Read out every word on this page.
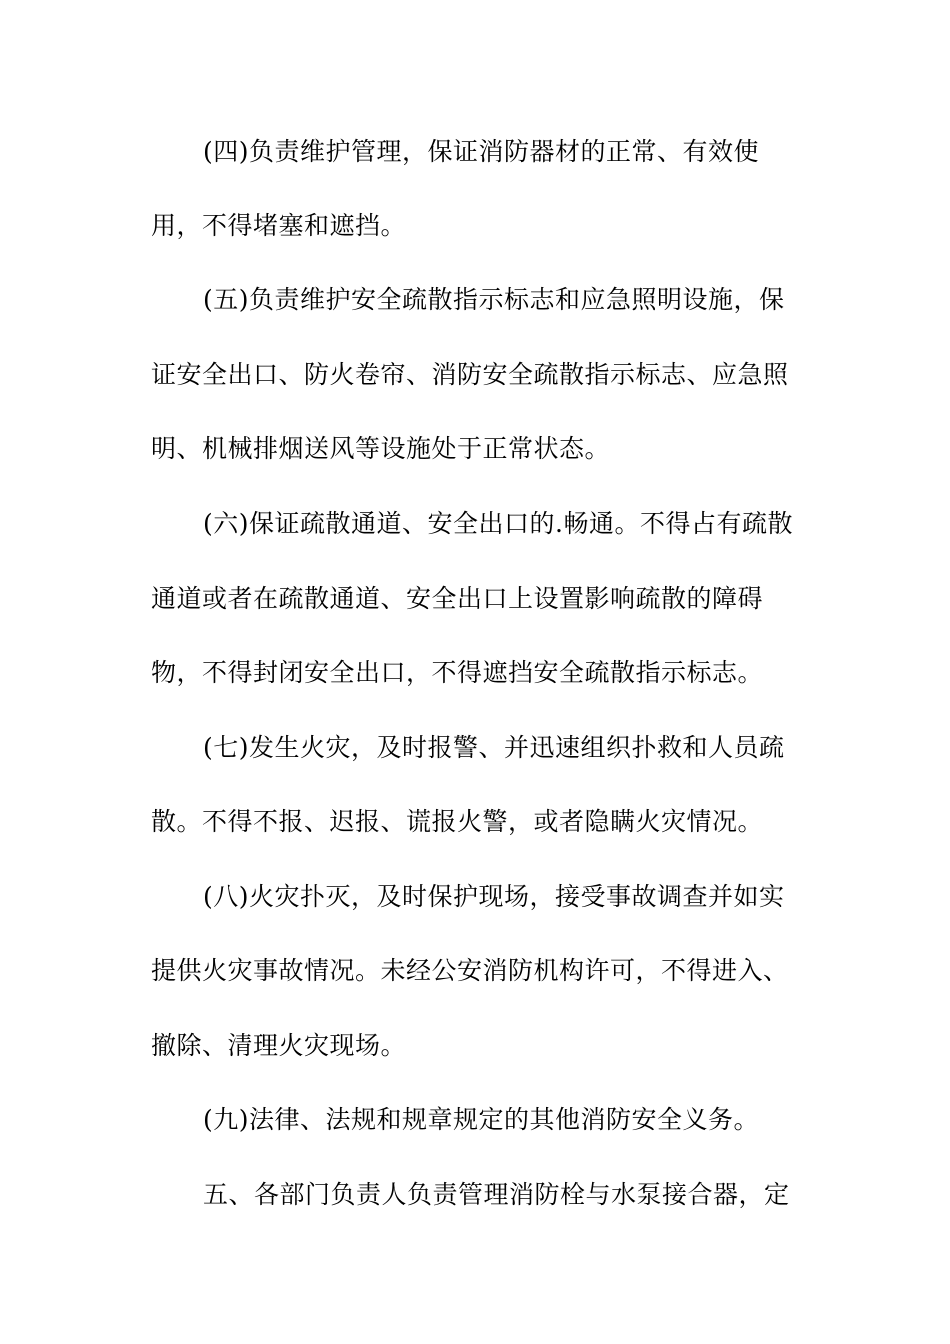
(四)负责维护管理，保证消防器材的正常、有效使
用，不得堵塞和遮挡。
(五)负责维护安全疏散指示标志和应急照明设施，保
证安全出口、防火卷帘、消防安全疏散指示标志、应急照
明、机械排烟送风等设施处于正常状态。
(六)保证疏散通道、安全出口的.畅通。不得占有疏散
通道或者在疏散通道、安全出口上设置影响疏散的障碍
物，不得封闭安全出口，不得遮挡安全疏散指示标志。
(七)发生火灾，及时报警、并迅速组织扑救和人员疏
散。不得不报、迟报、谎报火警，或者隐瞒火灾情况。
(八)火灾扑灭，及时保护现场，接受事故调查并如实
提供火灾事故情况。未经公安消防机构许可，不得进入、
撤除、清理火灾现场。
(九)法律、法规和规章规定的其他消防安全义务。
五、各部门负责人负责管理消防栓与水泵接合器，定
